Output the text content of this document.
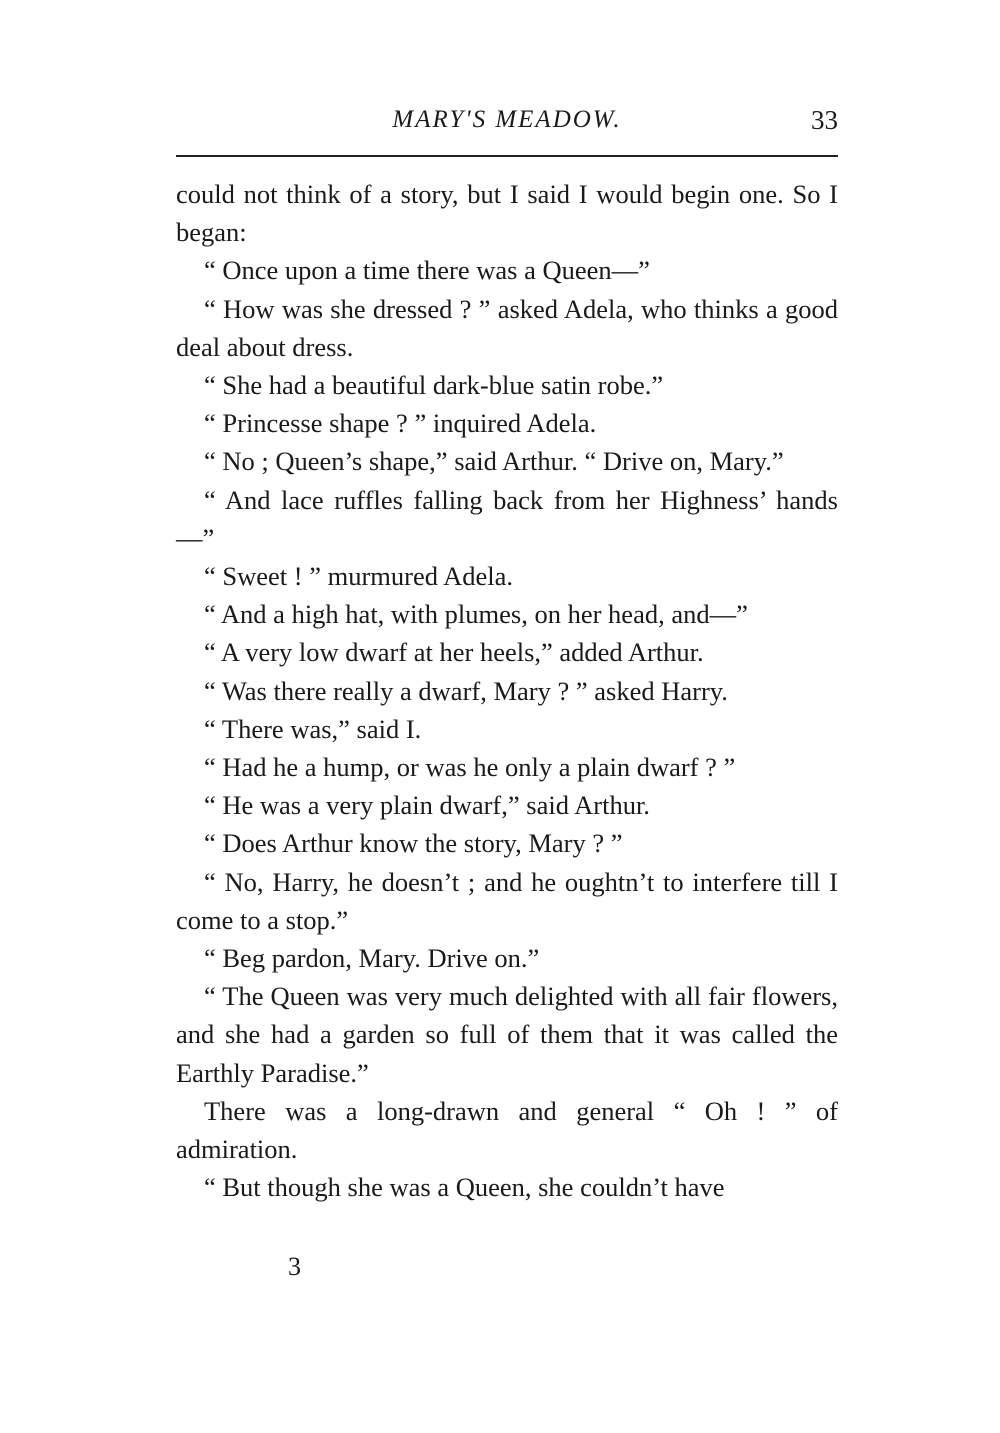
MARY'S MEADOW.	33

could not think of a story, but I said I would begin one. So I began:

“ Once upon a time there was a Queen—”

“ How was she dressed ? ” asked Adela, who thinks a good deal about dress.

“ She had a beautiful dark-blue satin robe.”

“ Princesse shape ? ” inquired Adela.

“ No ; Queen’s shape,” said Arthur. “ Drive on, Mary.”

“ And lace ruffles falling back from her Highness’ hands—”

“ Sweet ! ” murmured Adela.

“ And a high hat, with plumes, on her head, and—”

“ A very low dwarf at her heels,” added Arthur.

“ Was there really a dwarf, Mary ? ” asked Harry.

“ There was,” said I.

“ Had he a hump, or was he only a plain dwarf ? ”

“ He was a very plain dwarf,” said Arthur.

“ Does Arthur know the story, Mary ? ”

“ No, Harry, he doesn’t ; and he oughtn’t to interfere till I come to a stop.”

“ Beg pardon, Mary. Drive on.”

“ The Queen was very much delighted with all fair flowers, and she had a garden so full of them that it was called the Earthly Paradise.”

There was a long-drawn and general “ Oh ! ” of admiration.

“ But though she was a Queen, she couldn’t have

3
